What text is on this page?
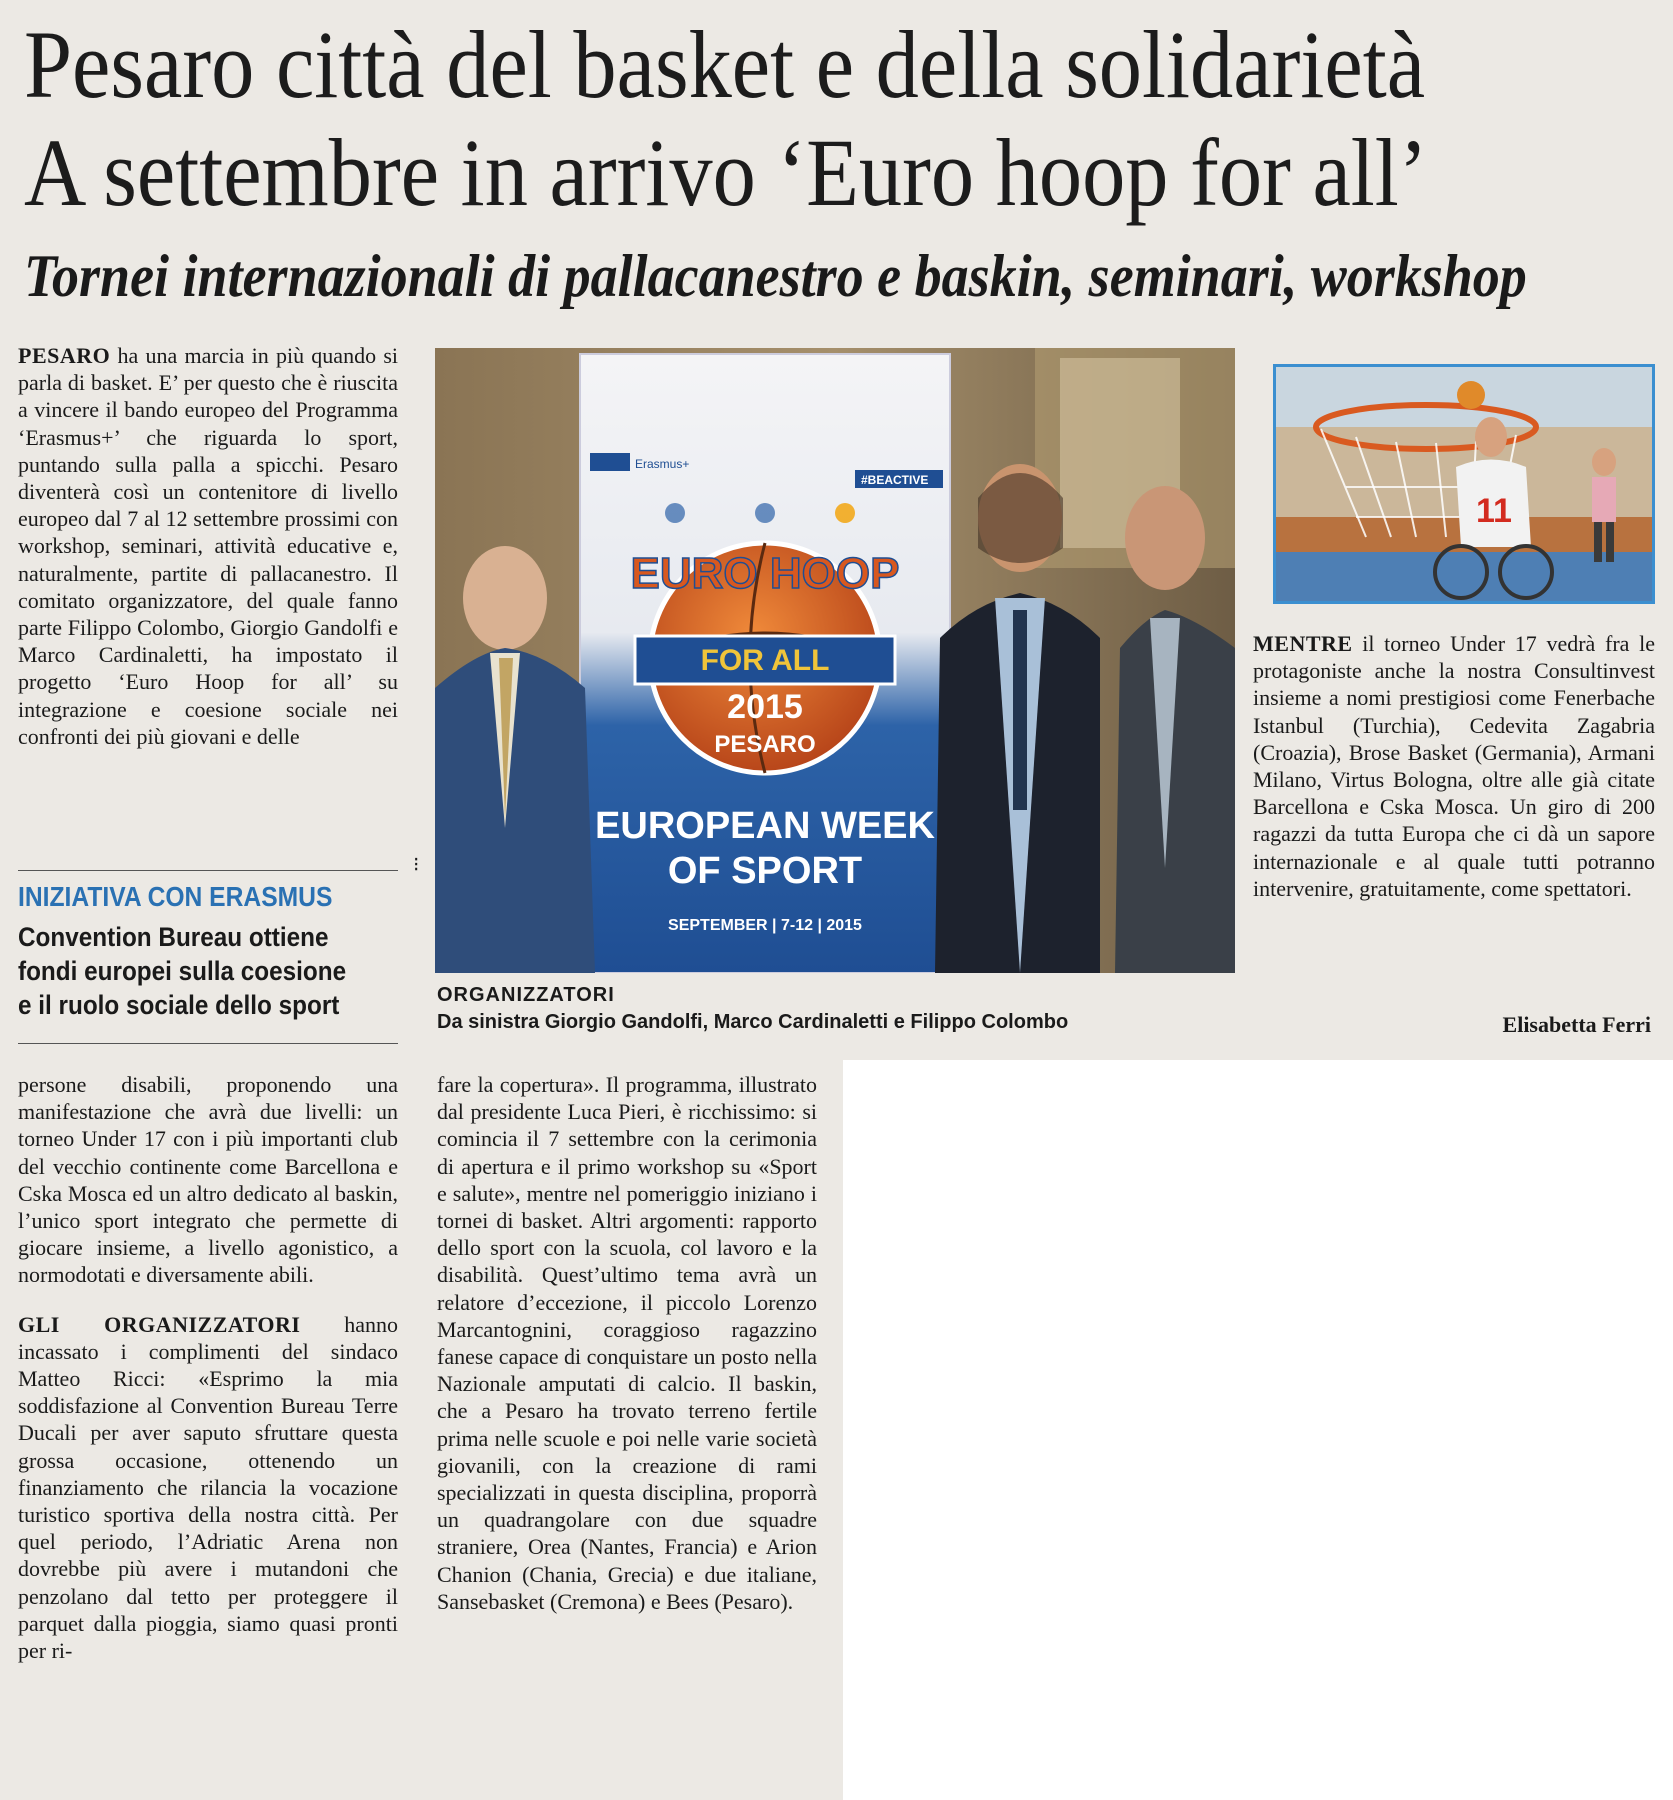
Pesaro città del basket e della solidarietà
A settembre in arrivo ‘Euro hoop for all’
Tornei internazionali di pallacanestro e baskin, seminari, workshop

PESARO ha una marcia in più quando si parla di basket. E’ per questo che è riuscita a vincere il bando europeo del Programma ‘Erasmus+’ che riguarda lo sport, puntando sulla palla a spicchi. Pesaro diventerà così un contenitore di livello europeo dal 7 al 12 settembre prossimi con workshop, seminari, attività educative e, naturalmente, partite di pallacanestro. Il comitato organizzatore, del quale fanno parte Filippo Colombo, Giorgio Gandolfi e Marco Cardinaletti, ha impostato il progetto ‘Euro Hoop for all’ su integrazione e coesione sociale nei confronti dei più giovani e delle

INIZIATIVA CON ERASMUS
Convention Bureau ottiene
fondi europei sulla coesione
e il ruolo sociale dello sport
⁝
Erasmus+
#BEACTIVE
EURO HOOP
FOR ALL
2015
PESARO
EUROPEAN WEEK
OF SPORT
SEPTEMBER | 7-12 | 2015
ORGANIZZATORI
Da sinistra Giorgio Gandolfi, Marco Cardinaletti e Filippo Colombo
11

MENTRE il torneo Under 17 vedrà fra le protagoniste anche la nostra Consultinvest insieme a nomi prestigiosi come Fenerbache Istanbul (Turchia), Cedevita Zagabria (Croazia), Brose Basket (Germania), Armani Milano, Virtus Bologna, oltre alle già citate Barcellona e Cska Mosca. Un giro di 200 ragazzi da tutta Europa che ci dà un sapore internazionale e al quale tutti potranno intervenire, gratuitamente, come spettatori.

Elisabetta Ferri

persone disabili, proponendo una manifestazione che avrà due livelli: un torneo Under 17 con i più importanti club del vecchio continente come Barcellona e Cska Mosca ed un altro dedicato al baskin, l’unico sport integrato che permette di giocare insieme, a livello agonistico, a normodotati e diversamente abili.

GLI ORGANIZZATORI hanno incassato i complimenti del sindaco Matteo Ricci: «Esprimo la mia soddisfazione al Convention Bureau Terre Ducali per aver saputo sfruttare questa grossa occasione, ottenendo un finanziamento che rilancia la vocazione turistico sportiva della nostra città. Per quel periodo, l’Adriatic Arena non dovrebbe più avere i mutandoni che penzolano dal tetto per proteggere il parquet dalla pioggia, siamo quasi pronti per ri-

fare la copertura». Il programma, illustrato dal presidente Luca Pieri, è ricchissimo: si comincia il 7 settembre con la cerimonia di apertura e il primo workshop su «Sport e salute», mentre nel pomeriggio iniziano i tornei di basket. Altri argomenti: rapporto dello sport con la scuola, col lavoro e la disabilità. Quest’ultimo tema avrà un relatore d’eccezione, il piccolo Lorenzo Marcantognini, coraggioso ragazzino fanese capace di conquistare un posto nella Nazionale amputati di calcio. Il baskin, che a Pesaro ha trovato terreno fertile prima nelle scuole e poi nelle varie società giovanili, con la creazione di rami specializzati in questa disciplina, proporrà un quadrangolare con due squadre straniere, Orea (Nantes, Francia) e Arion Chanion (Chania, Grecia) e due italiane, Sansebasket (Cremona) e Bees (Pesaro).
